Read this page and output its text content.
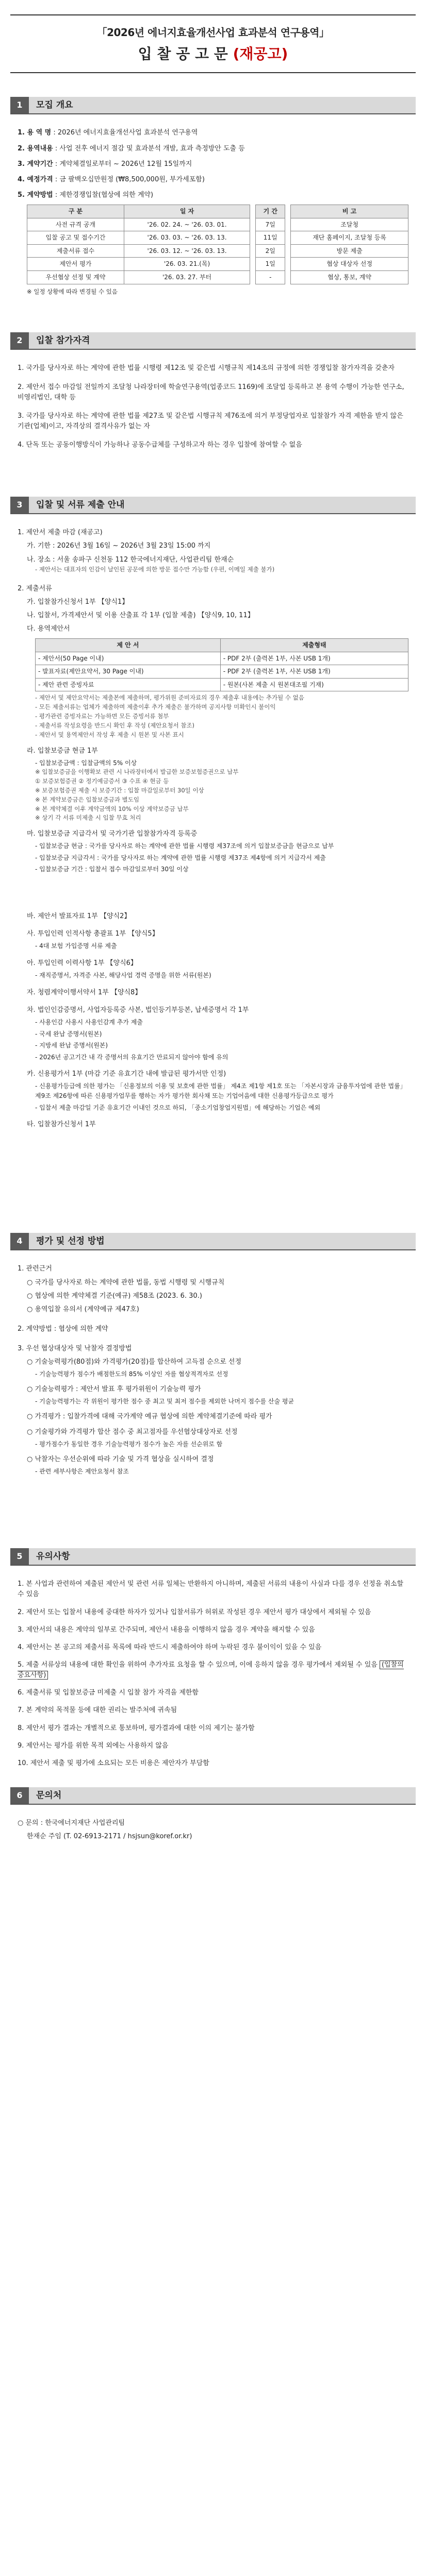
「2026년 에너지효율개선사업 효과분석 연구용역」
입 찰 공 고 문 (재공고)
1	모집 개요
1. 용 역 명 : 2026년 에너지효율개선사업 효과분석 연구용역
2. 용역내용 : 사업 전후 에너지 절감 및 효과분석 개발, 효과 측정방안 도출 등
3. 계약기간 : 계약체결일로부터 ~ 2026년 12월 15일까지
4. 예정가격 : 금 팔백오십만원정 (₩8,500,000원, 부가세포함)
5. 계약방법 : 제한경쟁입찰(협상에 의한 계약)
구 분	일 자		기 간		비 고
사전 규격 공개	'26. 02. 24. ~ '26. 03. 01.		7일		조달청
입찰 공고 및 접수기간	'26. 03. 03. ~ '26. 03. 13.		11일		재단 홈페이지, 조달청 등록
제출서류 접수	'26. 03. 12. ~ '26. 03. 13.		2일		방문 제출
제안서 평가	'26. 03. 21.(목)		1일		협상 대상자 선정
우선협상 선정 및 계약	'26. 03. 27. 부터		-		협상, 통보, 계약
※ 일정 상황에 따라 변경될 수 있음
2	입찰 참가자격
1. 국가를 당사자로 하는 계약에 관한 법률 시행령 제12조 및 같은법 시행규칙 제14조의 규정에 의한 경쟁입찰 참가자격을 갖춘자
2. 제안서 접수 마감일 전일까지 조달청 나라장터에 학술연구용역(업종코드 1169)에 조달업 등록하고 본 용역 수행이 가능한 연구소, 비영리법인, 대학 등
3. 국가를 당사자로 하는 계약에 관한 법률 제27조 및 같은법 시행규칙 제76조에 의거 부정당업자로 입찰참가 자격 제한을 받지 않은 기관(업체)이고, 자격상의 결격사유가 없는 자
4. 단독 또는 공동이행방식이 가능하나 공동수급체를 구성하고자 하는 경우 입찰에 참여할 수 없음
3	입찰 및 서류 제출 안내
1. 제안서 제출 마감 (재공고)
가. 기한 : 2026년 3월 16일 ~ 2026년 3월 23일 15:00 까지
나. 장소 : 서울 송파구 신천동 112 한국에너지재단, 사업관리팀 한재순
- 제안서는 대표자의 인감이 날인된 공문에 의한 방문 접수만 가능함 (우편, 이메일 제출 불가)
2. 제출서류
가. 입찰참가신청서 1부 【양식1】
나. 입찰서, 가격제안서 및 이용 산출표 각 1부 (입찰 제출) 【양식9, 10, 11】
다. 용역제안서
제 안 서	제출형태
- 제안서(50 Page 이내)	- PDF 2부 (출력본 1부, 사본 USB 1개)
- 발표자료(제안요약서, 30 Page 이내)	- PDF 2부 (출력본 1부, 사본 USB 1개)
- 제안 관련 증빙자료	- 원본(사본 제출 시 원본대조필 기재)
- 제안서 및 제안요약서는 제출본에 제출하며, 평가위원 준비자료의 경우 제출후 내용에는 추가될 수 없음
- 모든 제출서류는 업체가 제출하며 제출이후 추가 제출은 불가하며 공지사항 미확인시 불이익
- 평가관련 증빙자료는 가능하면 모든 증빙서류 첨부
- 제출서류 작성요령을 반드시 확인 후 작성 (제안요청서 참조)
- 제안서 및 용역제안서 작성 후 제출 시 원본 및 사본 표시
라. 입찰보증금 현금 1부
- 입찰보증금액 : 입찰금액의 5% 이상
※ 입찰보증금을 이행확보 관련 시 나라장터에서 발급한 보증보험증권으로 납부
① 보증보험증권 ② 정기예금증서 ③ 수표 ④ 현금 등
※ 보증보험증권 제출 시 보증기간 : 입찰 마감일로부터 30일 이상
※ 본 계약보증금은 입찰보증금과 별도임
※ 본 계약체결 이후 계약금액의 10% 이상 계약보증금 납부
※ 상기 각 서류 미제출 시 입찰 무효 처리
마. 입찰보증금 지급각서 및 국가기관 입찰참가자격 등록증
- 입찰보증금 현금 : 국가를 당사자로 하는 계약에 관한 법률 시행령 제37조에 의거 입찰보증금을 현금으로 납부
- 입찰보증금 지급각서 : 국가를 당사자로 하는 계약에 관한 법률 시행령 제37조 제4항에 의거 지급각서 제출
- 입찰보증금 기간 : 입찰서 접수 마감일로부터 30일 이상
바. 제안서 발표자료 1부 【양식2】
사. 투입인력 인적사항 총괄표 1부 【양식5】
- 4대 보험 가입증명 서류 제출
아. 투입인력 이력사항 1부 【양식6】
- 재직증명서, 자격증 사본, 해당사업 경력 증명을 위한 서류(원본)
자. 청렴계약이행서약서 1부 【양식8】
차. 법인인감증명서, 사업자등록증 사본, 법인등기부등본, 납세증명서 각 1부
- 사용인감 사용시 사용인감계 추가 제출
- 국세 완납 증명서(원본)
- 지방세 완납 증명서(원본)
- 2026년 공고기간 내 각 증명서의 유효기간 만료되지 않아야 함에 유의
카. 신용평가서 1부 (마감 기준 유효기간 내에 발급된 평가서만 인정)
- 신용평가등급에 의한 평가는 「신용정보의 이용 및 보호에 관한 법률」 제4조 제1항 제1호 또는 「자본시장과 금융투자업에 관한 법률」 제9조 제26항에 따른 신용평가업무를 행하는 자가 평가한 회사채 또는 기업어음에 대한 신용평가등급으로 평가
- 입찰서 제출 마감일 기준 유효기간 이내인 것으로 하되, 「중소기업창업지원법」에 해당하는 기업은 예외
타. 입찰참가신청서 1부
4	평가 및 선정 방법
1. 관련근거
○ 국가를 당사자로 하는 계약에 관한 법률, 동법 시행령 및 시행규칙
○ 협상에 의한 계약체결 기준(예규) 제58조 (2023. 6. 30.)
○ 용역입찰 유의서 (계약예규 제47호)
2. 계약방법 : 협상에 의한 계약
3. 우선 협상대상자 및 낙찰자 결정방법
○ 기술능력평가(80점)와 가격평가(20점)를 합산하여 고득점 순으로 선정
- 기술능력평가 점수가 배점한도의 85% 이상인 자를 협상적격자로 선정
○ 기술능력평가 : 제안서 발표 후 평가위원이 기술능력 평가
- 기술능력평가는 각 위원이 평가한 점수 중 최고 및 최저 점수를 제외한 나머지 점수를 산술 평균
○ 가격평가 : 입찰가격에 대해 국가계약 예규 협상에 의한 계약체결기준에 따라 평가
○ 기술평가와 가격평가 합산 점수 중 최고점자를 우선협상대상자로 선정
- 평가점수가 동일한 경우 기술능력평가 점수가 높은 자를 선순위로 함
○ 낙찰자는 우선순위에 따라 기술 및 가격 협상을 실시하여 결정
- 관련 세부사항은 제안요청서 참조
5	유의사항
1. 본 사업과 관련하여 제출된 제안서 및 관련 서류 일체는 반환하지 아니하며, 제출된 서류의 내용이 사실과 다를 경우 선정을 취소할 수 있음
2. 제안서 또는 입찰서 내용에 중대한 하자가 있거나 입찰서류가 허위로 작성된 경우 제안서 평가 대상에서 제외될 수 있음
3. 제안서의 내용은 계약의 일부로 간주되며, 제안서 내용을 이행하지 않을 경우 계약을 해지할 수 있음
4. 제안서는 본 공고의 제출서류 목록에 따라 반드시 제출하여야 하며 누락된 경우 불이익이 있을 수 있음
5. 제출 서류상의 내용에 대한 확인을 위하여 추가자료 요청을 할 수 있으며, 이에 응하지 않을 경우 평가에서 제외될 수 있음 (입찰의 중요사항)
6. 제출서류 및 입찰보증금 미제출 시 입찰 참가 자격을 제한함
7. 본 계약의 목적물 등에 대한 권리는 발주처에 귀속됨
8. 제안서 평가 결과는 개별적으로 통보하며, 평가결과에 대한 이의 제기는 불가함
9. 제안서는 평가를 위한 목적 외에는 사용하지 않음
10. 제안서 제출 및 평가에 소요되는 모든 비용은 제안자가 부담함
6	문의처
○ 문의 : 한국에너지재단 사업관리팀
한재순 주임 (T. 02-6913-2171 / hsjsun@koref.or.kr)
